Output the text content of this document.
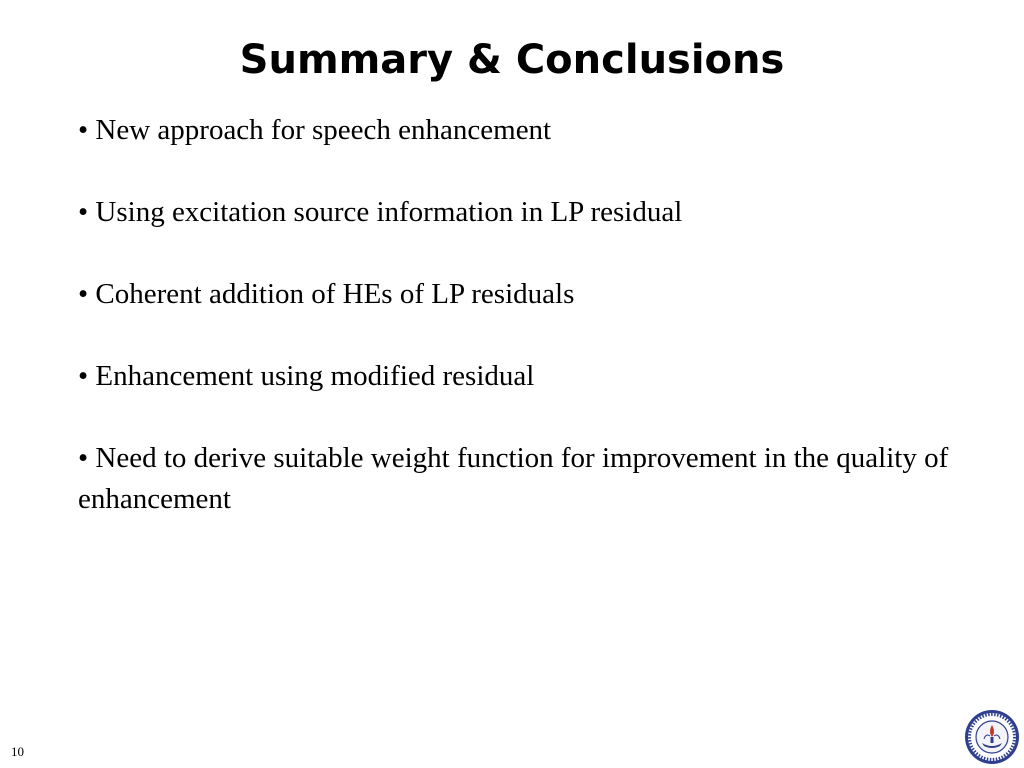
Summary & Conclusions
• New approach for speech enhancement
• Using excitation source information in LP residual
• Coherent addition of HEs of LP residuals
• Enhancement using modified residual
• Need to derive suitable weight function for improvement in the quality of enhancement
10
